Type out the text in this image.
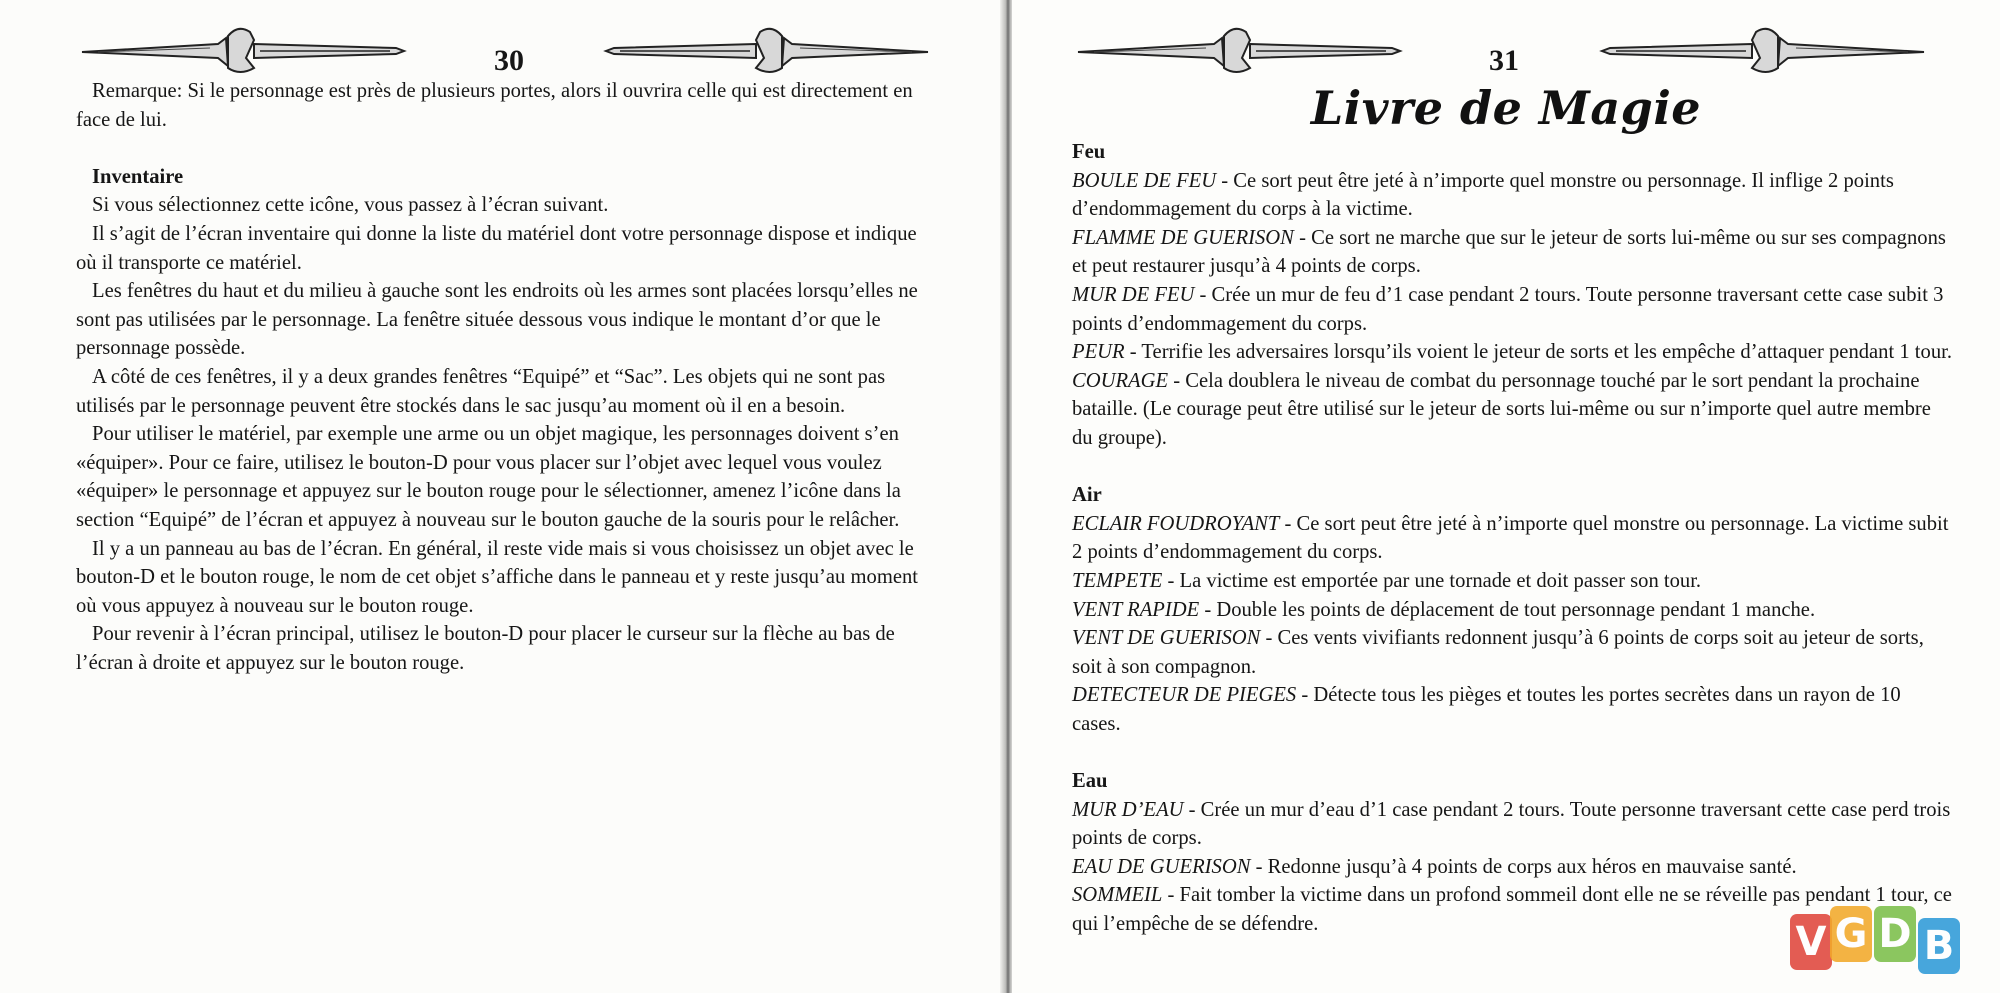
30

Remarque: Si le personnage est près de plusieurs portes, alors il ouvrira celle qui est directement en face de lui.

Inventaire

Si vous sélectionnez cette icône, vous passez à l’écran suivant.

Il s’agit de l’écran inventaire qui donne la liste du matériel dont votre personnage dispose et indique où il transporte ce matériel.

Les fenêtres du haut et du milieu à gauche sont les endroits où les armes sont placées lorsqu’elles ne sont pas utilisées par le personnage. La fenêtre située dessous vous indique le montant d’or que le personnage possède.

A côté de ces fenêtres, il y a deux grandes fenêtres “Equipé” et “Sac”. Les objets qui ne sont pas utilisés par le personnage peuvent être stockés dans le sac jusqu’au moment où il en a besoin.

Pour utiliser le matériel, par exemple une arme ou un objet magique, les personnages doivent s’en «équiper». Pour ce faire, utilisez le bouton-D pour vous placer sur l’objet avec lequel vous voulez «équiper» le personnage et appuyez sur le bouton rouge pour le sélectionner, amenez l’icône dans la section “Equipé” de l’écran et appuyez à nouveau sur le bouton gauche de la souris pour le relâcher.

Il y a un panneau au bas de l’écran. En général, il reste vide mais si vous choisissez un objet avec le bouton-D et le bouton rouge, le nom de cet objet s’affiche dans le panneau et y reste jusqu’au moment où vous appuyez à nouveau sur le bouton rouge.

Pour revenir à l’écran principal, utilisez le bouton-D pour placer le curseur sur la flèche au bas de l’écran à droite et appuyez sur le bouton rouge.

31
Livre de Magie

Feu

BOULE DE FEU - Ce sort peut être jeté à n’importe quel monstre ou personnage. Il inflige 2 points d’endommagement du corps à la victime.

FLAMME DE GUERISON - Ce sort ne marche que sur le jeteur de sorts lui-même ou sur ses compagnons et peut restaurer jusqu’à 4 points de corps.

MUR DE FEU - Crée un mur de feu d’1 case pendant 2 tours. Toute personne traversant cette case subit 3 points d’endommagement du corps.

PEUR - Terrifie les adversaires lorsqu’ils voient le jeteur de sorts et les empêche d’attaquer pendant 1 tour.

COURAGE - Cela doublera le niveau de combat du personnage touché par le sort pendant la prochaine bataille. (Le courage peut être utilisé sur le jeteur de sorts lui-même ou sur n’importe quel autre membre du groupe).

Air

ECLAIR FOUDROYANT - Ce sort peut être jeté à n’importe quel monstre ou personnage. La victime subit 2 points d’endommagement du corps.

TEMPETE - La victime est emportée par une tornade et doit passer son tour.

VENT RAPIDE - Double les points de déplacement de tout personnage pendant 1 manche.

VENT DE GUERISON - Ces vents vivifiants redonnent jusqu’à 6 points de corps soit au jeteur de sorts, soit à son compagnon.

DETECTEUR DE PIEGES - Détecte tous les pièges et toutes les portes secrètes dans un rayon de 10 cases.

Eau

MUR D’EAU - Crée un mur d’eau d’1 case pendant 2 tours. Toute personne traversant cette case perd trois points de corps.

EAU DE GUERISON - Redonne jusqu’à 4 points de corps aux héros en mauvaise santé.

SOMMEIL - Fait tomber la victime dans un profond sommeil dont elle ne se réveille pas pendant 1 tour, ce qui l’empêche de se défendre.	V G D B
